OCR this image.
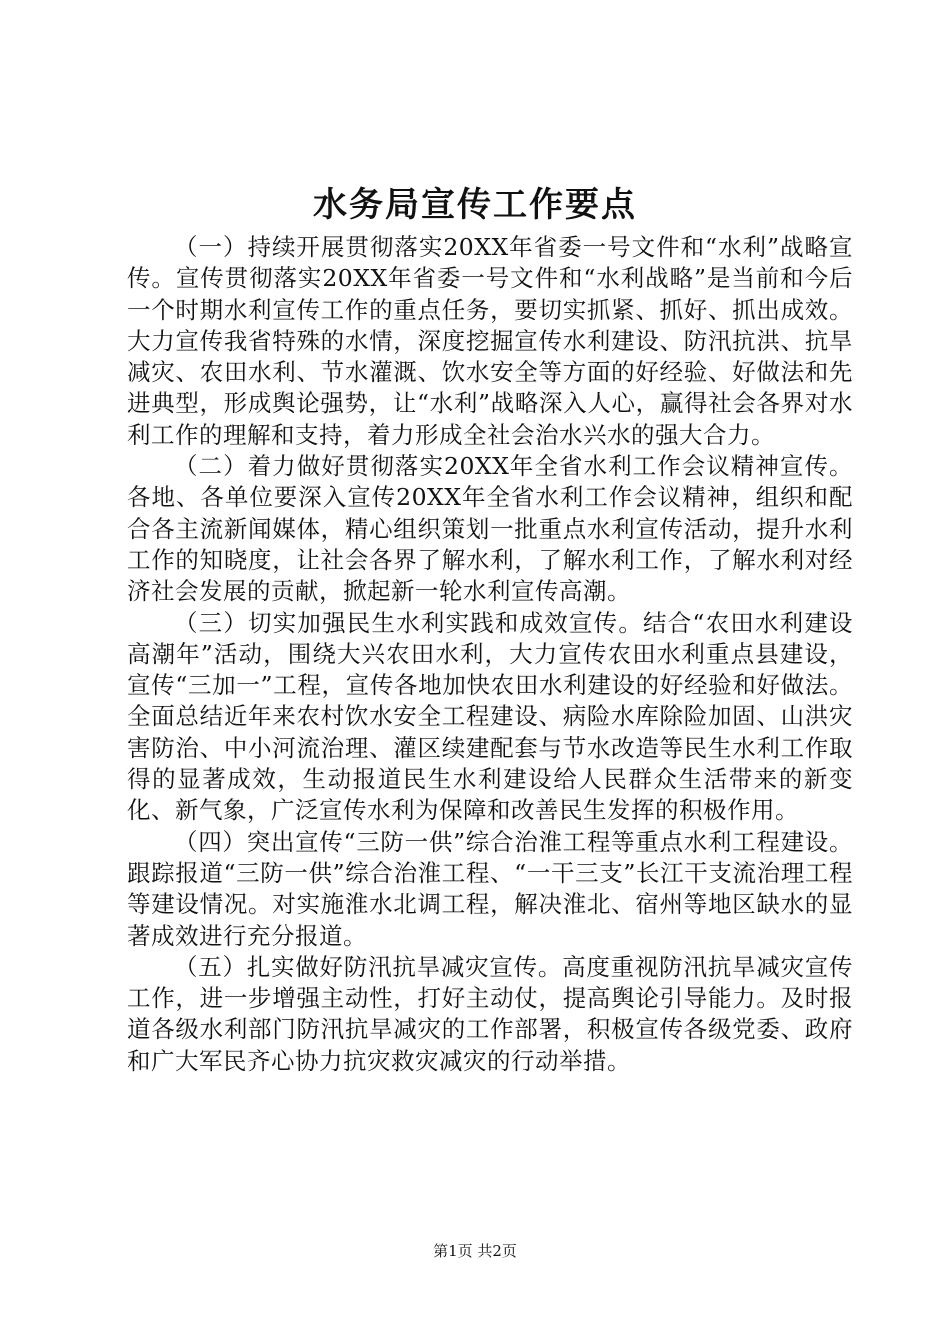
水务局宣传工作要点

（一）持续开展贯彻落实20XX年省委一号文件和“水利”战略宣传。宣传贯彻落实20XX年省委一号文件和“水利战略”是当前和今后一个时期水利宣传工作的重点任务，要切实抓紧、抓好、抓出成效。大力宣传我省特殊的水情，深度挖掘宣传水利建设、防汛抗洪、抗旱减灾、农田水利、节水灌溉、饮水安全等方面的好经验、好做法和先进典型，形成舆论强势，让“水利”战略深入人心，赢得社会各界对水利工作的理解和支持，着力形成全社会治水兴水的强大合力。

（二）着力做好贯彻落实20XX年全省水利工作会议精神宣传。各地、各单位要深入宣传20XX年全省水利工作会议精神，组织和配合各主流新闻媒体，精心组织策划一批重点水利宣传活动，提升水利工作的知晓度，让社会各界了解水利，了解水利工作，了解水利对经济社会发展的贡献，掀起新一轮水利宣传高潮。

（三）切实加强民生水利实践和成效宣传。结合“农田水利建设高潮年”活动，围绕大兴农田水利，大力宣传农田水利重点县建设，宣传“三加一”工程，宣传各地加快农田水利建设的好经验和好做法。全面总结近年来农村饮水安全工程建设、病险水库除险加固、山洪灾害防治、中小河流治理、灌区续建配套与节水改造等民生水利工作取得的显著成效，生动报道民生水利建设给人民群众生活带来的新变化、新气象，广泛宣传水利为保障和改善民生发挥的积极作用。

（四）突出宣传“三防一供”综合治淮工程等重点水利工程建设。跟踪报道“三防一供”综合治淮工程、“一干三支”长江干支流治理工程等建设情况。对实施淮水北调工程，解决淮北、宿州等地区缺水的显著成效进行充分报道。

（五）扎实做好防汛抗旱减灾宣传。高度重视防汛抗旱减灾宣传工作，进一步增强主动性，打好主动仗，提高舆论引导能力。及时报道各级水利部门防汛抗旱减灾的工作部署，积极宣传各级党委、政府和广大军民齐心协力抗灾救灾减灾的行动举措。

第1页 共2页
